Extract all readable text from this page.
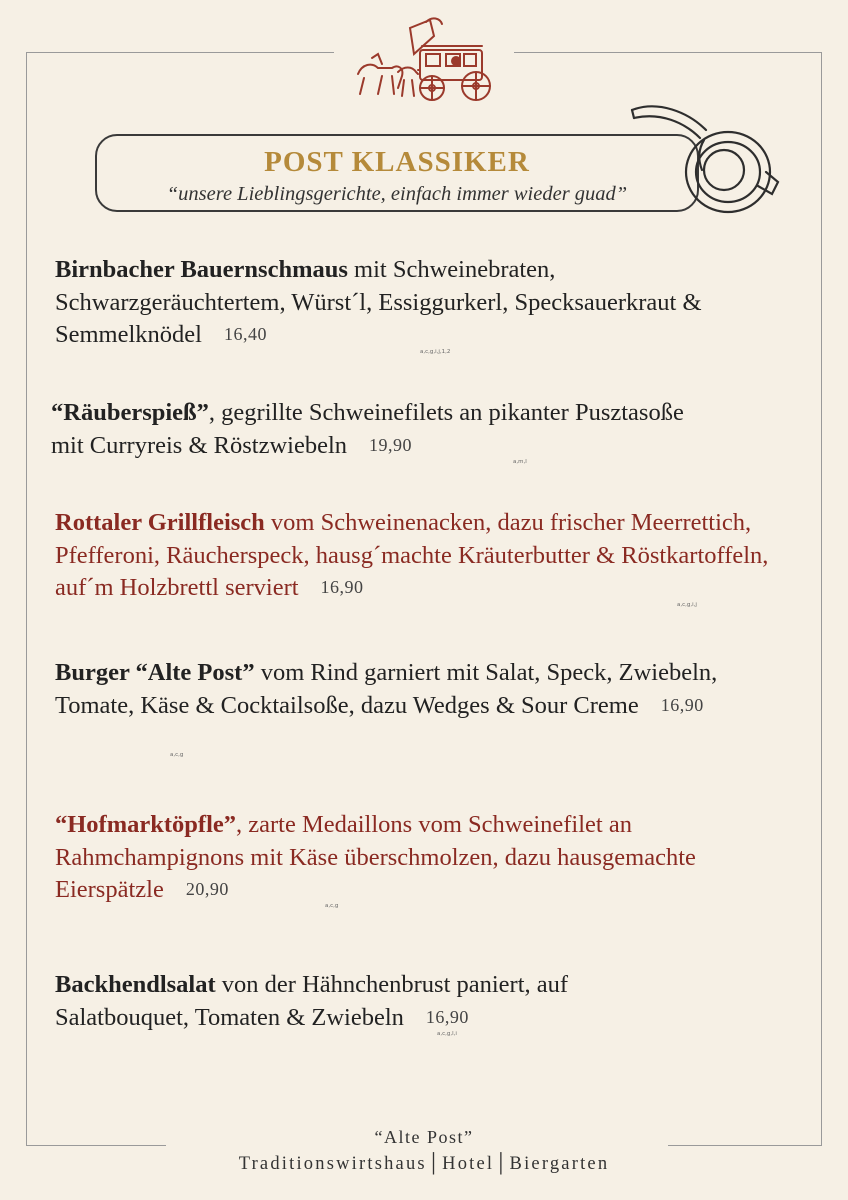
POST KLASSIKER
“unsere Lieblingsgerichte, einfach immer wieder guad”

Birnbacher Bauernschmaus mit Schweinebraten, Schwarzgeräuchtertem, Würst´l, Essiggurkerl, Specksauerkraut & Semmelknödel 16,40

a,c,g,i,j,1,2

“Räuberspieß”, gegrillte Schweinefilets an pikanter Pusztasoße mit Curryreis & Röstzwiebeln 19,90

a,m,l

Rottaler Grillfleisch vom Schweinenacken, dazu frischer Meerrettich, Pfefferoni, Räucherspeck, hausg´machte Kräuterbutter & Röstkartoffeln, auf´m Holzbrettl serviert 16,90

a,c,g,i,j

Burger “Alte Post” vom Rind garniert mit Salat, Speck, Zwiebeln, Tomate, Käse & Cocktailsoße, dazu Wedges & Sour Creme 16,90

a,c,g

“Hofmarktöpfle”, zarte Medaillons vom Schweinefilet an Rahmchampignons mit Käse überschmolzen, dazu hausgemachte Eierspätzle 20,90

a,c,g

Backhendlsalat von der Hähnchenbrust paniert, auf Salatbouquet, Tomaten & Zwiebeln 16,90

a,c,g,l,i
“Alte Post”
Traditionswirtshaus│Hotel│Biergarten
